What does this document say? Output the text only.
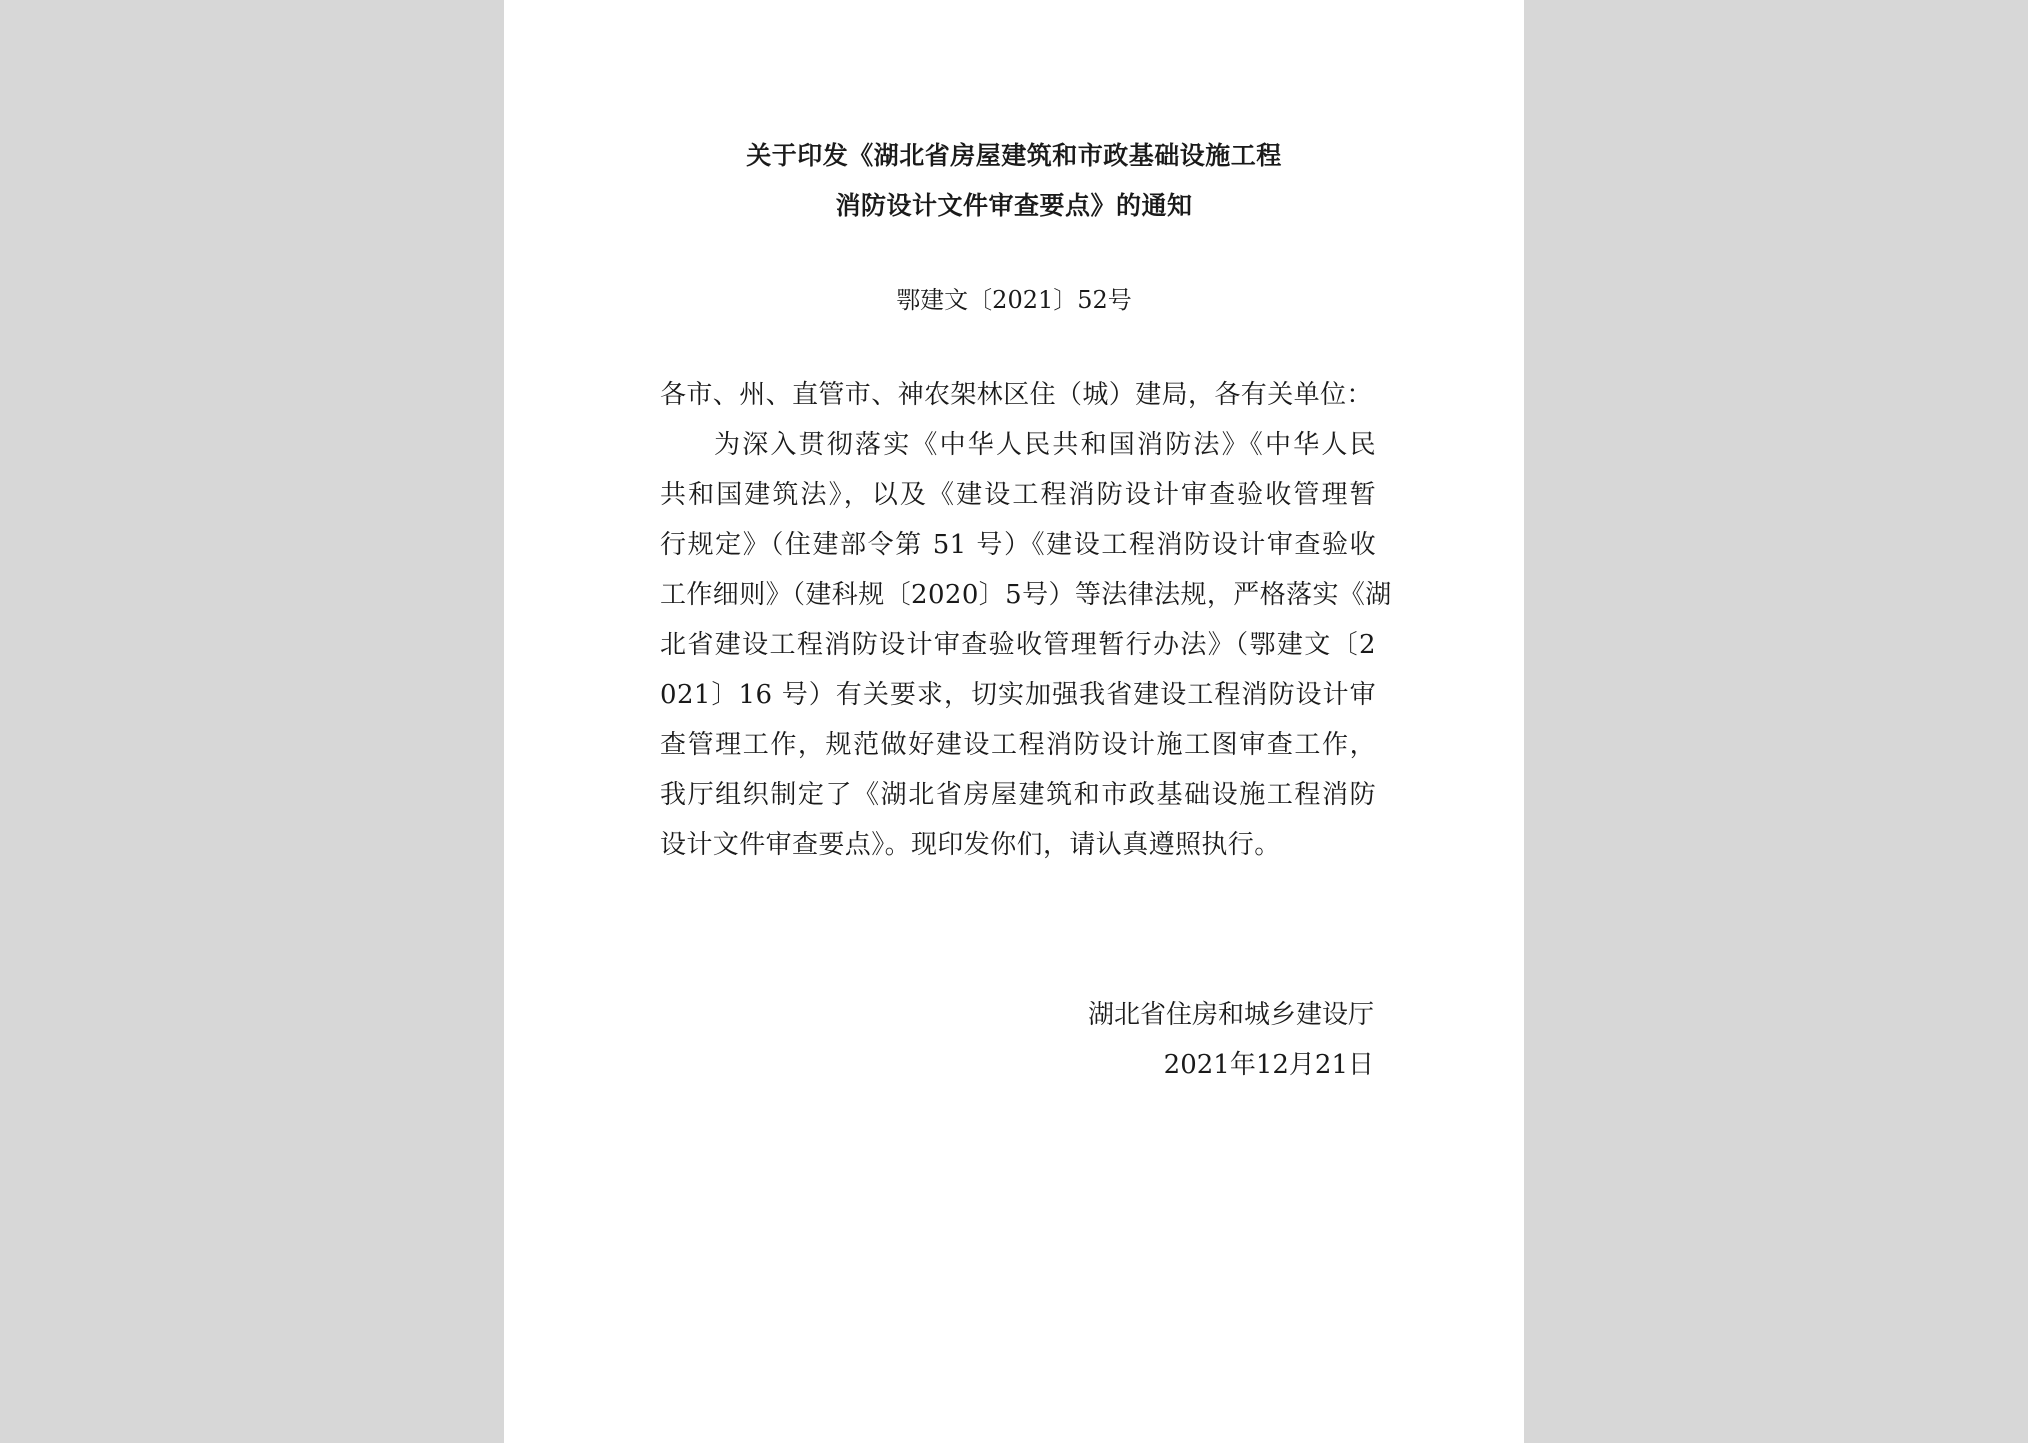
关于印发《湖北省房屋建筑和市政基础设施工程
消防设计文件审查要点》的通知
鄂建文〔2021〕52号
各市、州、直管市、神农架林区住（城）建局，各有关单位：
为深入贯彻落实《中华人民共和国消防法》《中华人民
共和国建筑法》，以及《建设工程消防设计审查验收管理暂
行规定》（住建部令第 51 号）《建设工程消防设计审查验收
工作细则》（建科规〔2020〕5号）等法律法规，严格落实《湖
北省建设工程消防设计审查验收管理暂行办法》（鄂建文〔2
021〕16 号）有关要求，切实加强我省建设工程消防设计审
查管理工作，规范做好建设工程消防设计施工图审查工作，
我厅组织制定了《湖北省房屋建筑和市政基础设施工程消防
设计文件审查要点》。现印发你们，请认真遵照执行。
湖北省住房和城乡建设厅
2021年12月21日
